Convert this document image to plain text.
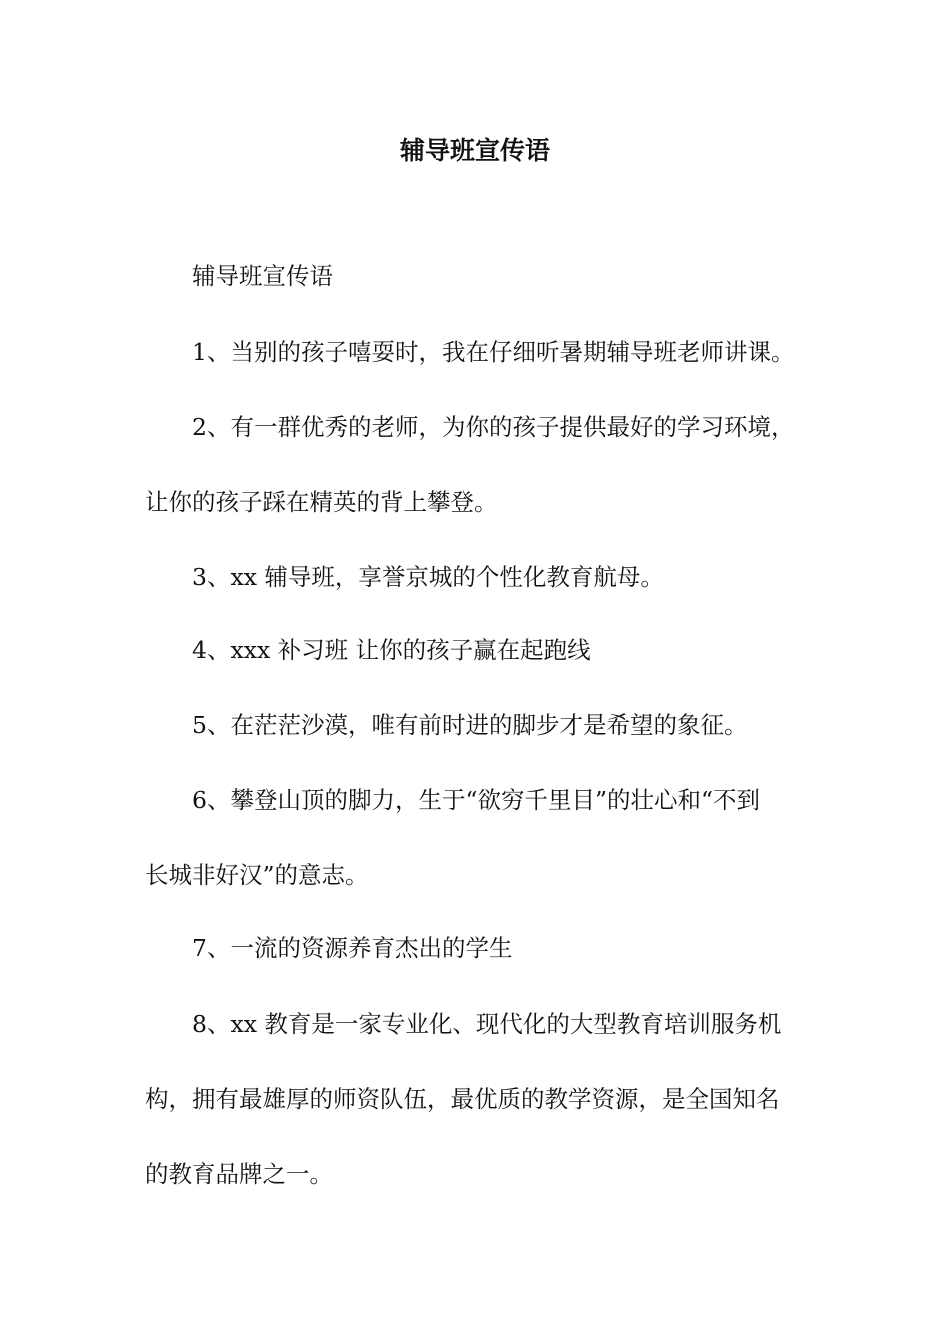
辅导班宣传语

辅导班宣传语

1、当别的孩子嘻耍时，我在仔细听暑期辅导班老师讲课。

2、有一群优秀的老师，为你的孩子提供最好的学习环境，

让你的孩子踩在精英的背上攀登。

3、xx 辅导班，享誉京城的个性化教育航母。

4、xxx 补习班 让你的孩子赢在起跑线

5、在茫茫沙漠，唯有前时进的脚步才是希望的象征。

6、攀登山顶的脚力，生于“欲穷千里目”的壮心和“不到

长城非好汉”的意志。

7、一流的资源养育杰出的学生

8、xx 教育是一家专业化、现代化的大型教育培训服务机

构，拥有最雄厚的师资队伍，最优质的教学资源，是全国知名

的教育品牌之一。
